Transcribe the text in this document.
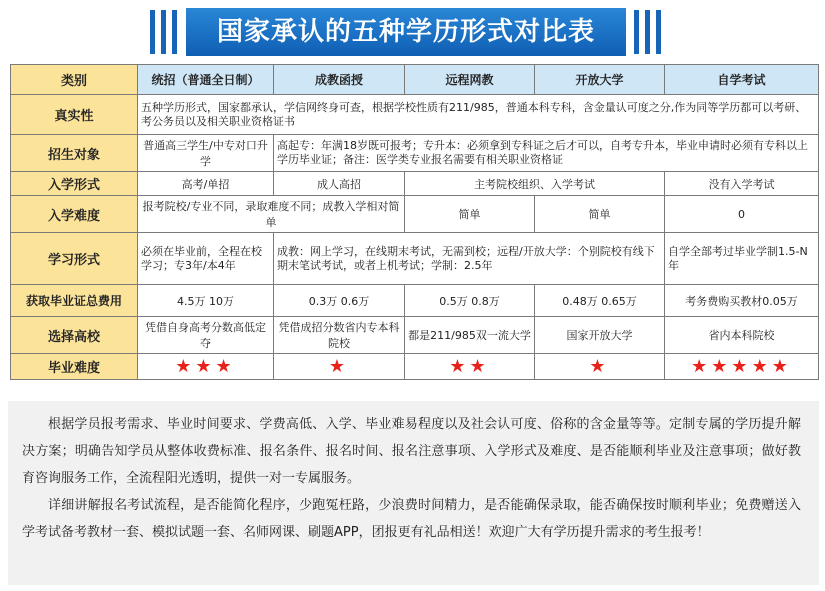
国家承认的五种学历形式对比表
类别	统招（普通全日制）	成教函授	远程网教	开放大学	自学考试
真实性	五种学历形式，国家都承认，学信网终身可查，根据学校性质有211/985，普通本科专科，含金量认可度之分,作为同等学历都可以考研、考公务员以及相关职业资格证书				
招生对象	普通高三学生/中专对口升学	高起专：年满18岁既可报考；专升本：必须拿到专科证之后才可以，自考专升本，毕业申请时必须有专科以上学历毕业证；备注：医学类专业报名需要有相关职业资格证			
入学形式	高考/单招	成人高招	主考院校组织、入学考试		没有入学考试
入学难度	报考院校/专业不同，录取难度不同；成教入学相对简单		简单	简单	0
学习形式	必须在毕业前，全程在校学习；专3年/本4年	成教：网上学习，在线期末考试，无需到校；远程/开放大学：个别院校有线下期末笔试考试，或者上机考试；学制：2.5年			自学全部考过毕业学制1.5-N年
获取毕业证总费用	4.5万 10万	0.3万 0.6万	0.5万 0.8万	0.48万 0.65万	考务费购买教材0.05万
选择高校	凭借自身高考分数高低定夺	凭借成招分数省内专本科院校	都是211/985双一流大学	国家开放大学	省内本科院校
毕业难度	★★★	★	★★	★	★★★★★

根据学员报考需求、毕业时间要求、学费高低、入学、毕业难易程度以及社会认可度、俗称的含金量等等。定制专属的学历提升解决方案；明确告知学员从整体收费标准、报名条件、报名时间、报名注意事项、入学形式及难度、是否能顺利毕业及注意事项；做好教育咨询服务工作，全流程阳光透明，提供一对一专属服务。

详细讲解报名考试流程，是否能简化程序，少跑冤枉路，少浪费时间精力，是否能确保录取，能否确保按时顺利毕业；免费赠送入学考试备考教材一套、模拟试题一套、名师网课、刷题APP，团报更有礼品相送！欢迎广大有学历提升需求的考生报考！
